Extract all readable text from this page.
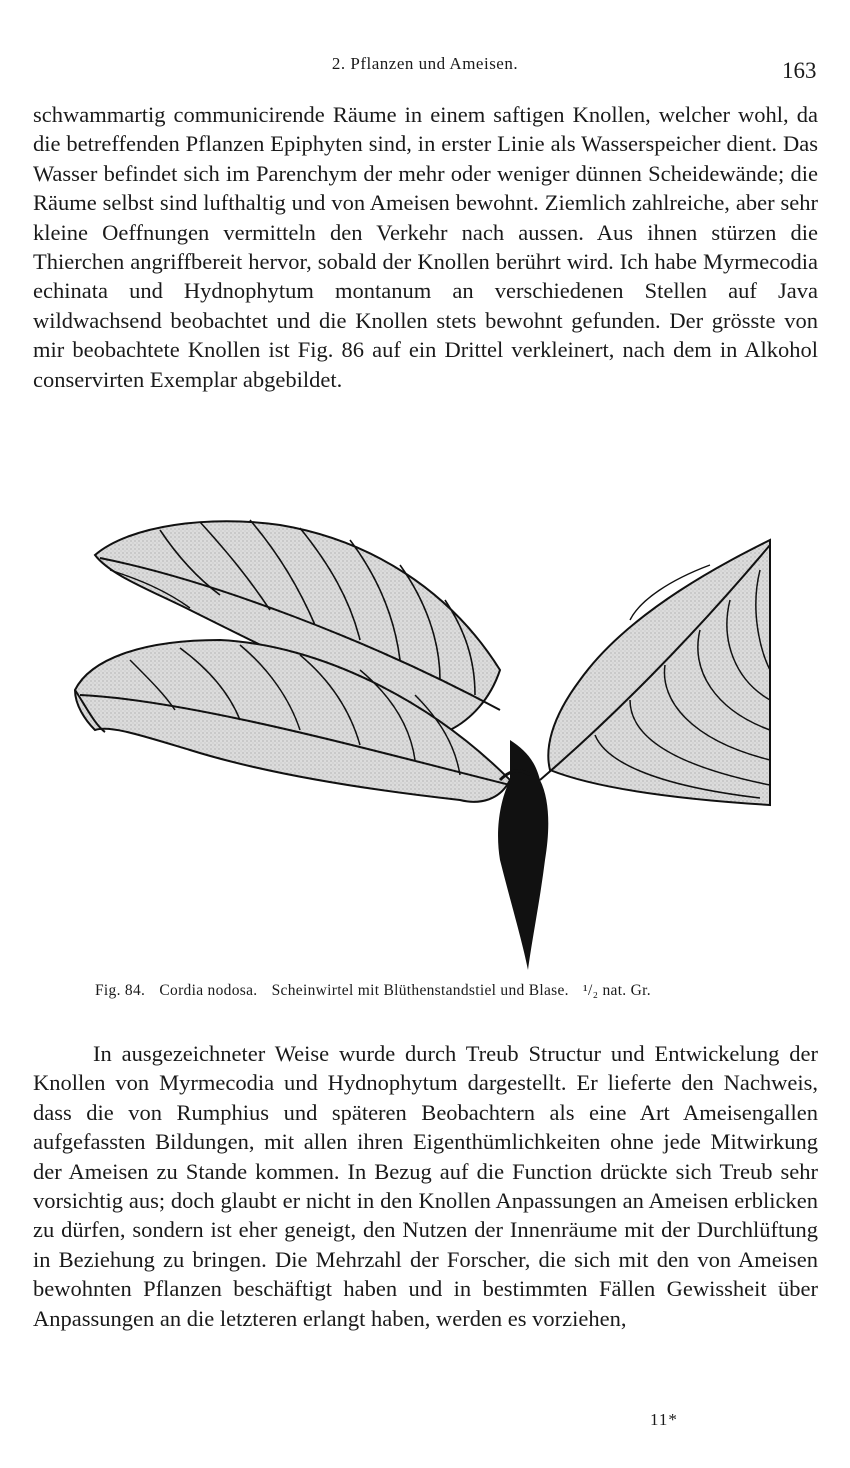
2. Pflanzen und Ameisen.	163

schwammartig communicirende Räume in einem saftigen Knollen, welcher wohl, da die betreffenden Pflanzen Epiphyten sind, in erster Linie als Wasserspeicher dient. Das Wasser befindet sich im Parenchym der mehr oder weniger dünnen Scheidewände; die Räume selbst sind lufthaltig und von Ameisen bewohnt. Ziemlich zahlreiche, aber sehr kleine Oeffnungen vermitteln den Verkehr nach aussen. Aus ihnen stürzen die Thierchen angriffbereit hervor, sobald der Knollen berührt wird. Ich habe Myrmecodia echinata und Hydnophytum montanum an verschiedenen Stellen auf Java wildwachsend beobachtet und die Knollen stets bewohnt gefunden. Der grösste von mir beobachtete Knollen ist Fig. 86 auf ein Drittel verkleinert, nach dem in Alkohol conservirten Exemplar abgebildet.

Fig. 84. Cordia nodosa. Scheinwirtel mit Blüthenstandstiel und Blase. ¹/₂ nat. Gr.

In ausgezeichneter Weise wurde durch Treub Structur und Entwickelung der Knollen von Myrmecodia und Hydnophytum dargestellt. Er lieferte den Nachweis, dass die von Rumphius und späteren Beobachtern als eine Art Ameisengallen aufgefassten Bildungen, mit allen ihren Eigenthümlichkeiten ohne jede Mitwirkung der Ameisen zu Stande kommen. In Bezug auf die Function drückte sich Treub sehr vorsichtig aus; doch glaubt er nicht in den Knollen Anpassungen an Ameisen erblicken zu dürfen, sondern ist eher geneigt, den Nutzen der Innenräume mit der Durchlüftung in Beziehung zu bringen. Die Mehrzahl der Forscher, die sich mit den von Ameisen bewohnten Pflanzen beschäftigt haben und in bestimmten Fällen Gewissheit über Anpassungen an die letzteren erlangt haben, werden es vorziehen,

11*
